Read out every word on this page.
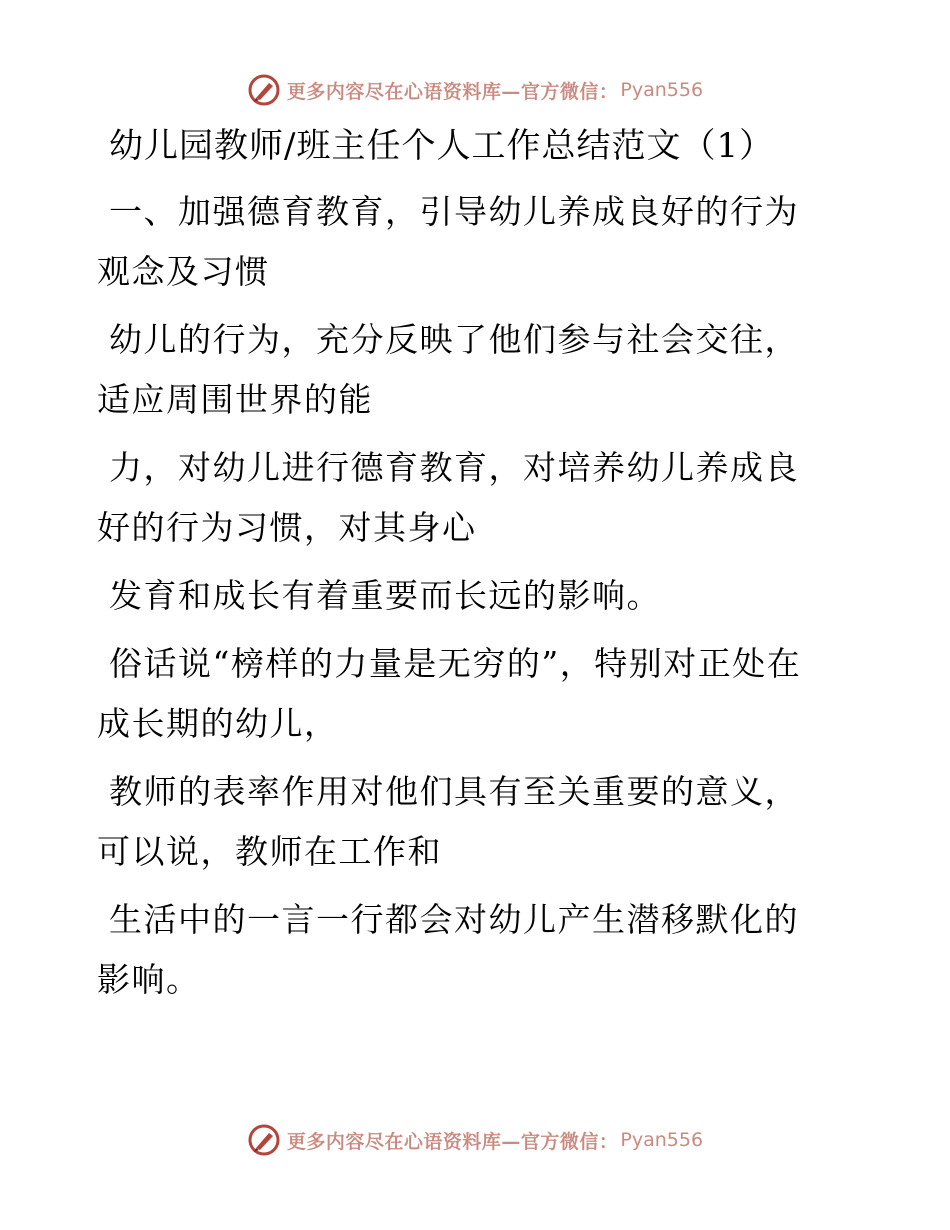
更多内容尽在心语资料库—官方微信： Pyan556
幼儿园教师/班主任个人工作总结范文（1）

一、加强德育教育，引导幼儿养成良好的行为观念及习惯

幼儿的行为，充分反映了他们参与社会交往，适应周围世界的能

力，对幼儿进行德育教育，对培养幼儿养成良好的行为习惯，对其身心

发育和成长有着重要而长远的影响。

俗话说“榜样的力量是无穷的”，特别对正处在成长期的幼儿，

教师的表率作用对他们具有至关重要的意义，可以说，教师在工作和

生活中的一言一行都会对幼儿产生潜移默化的影响。

更多内容尽在心语资料库—官方微信： Pyan556
